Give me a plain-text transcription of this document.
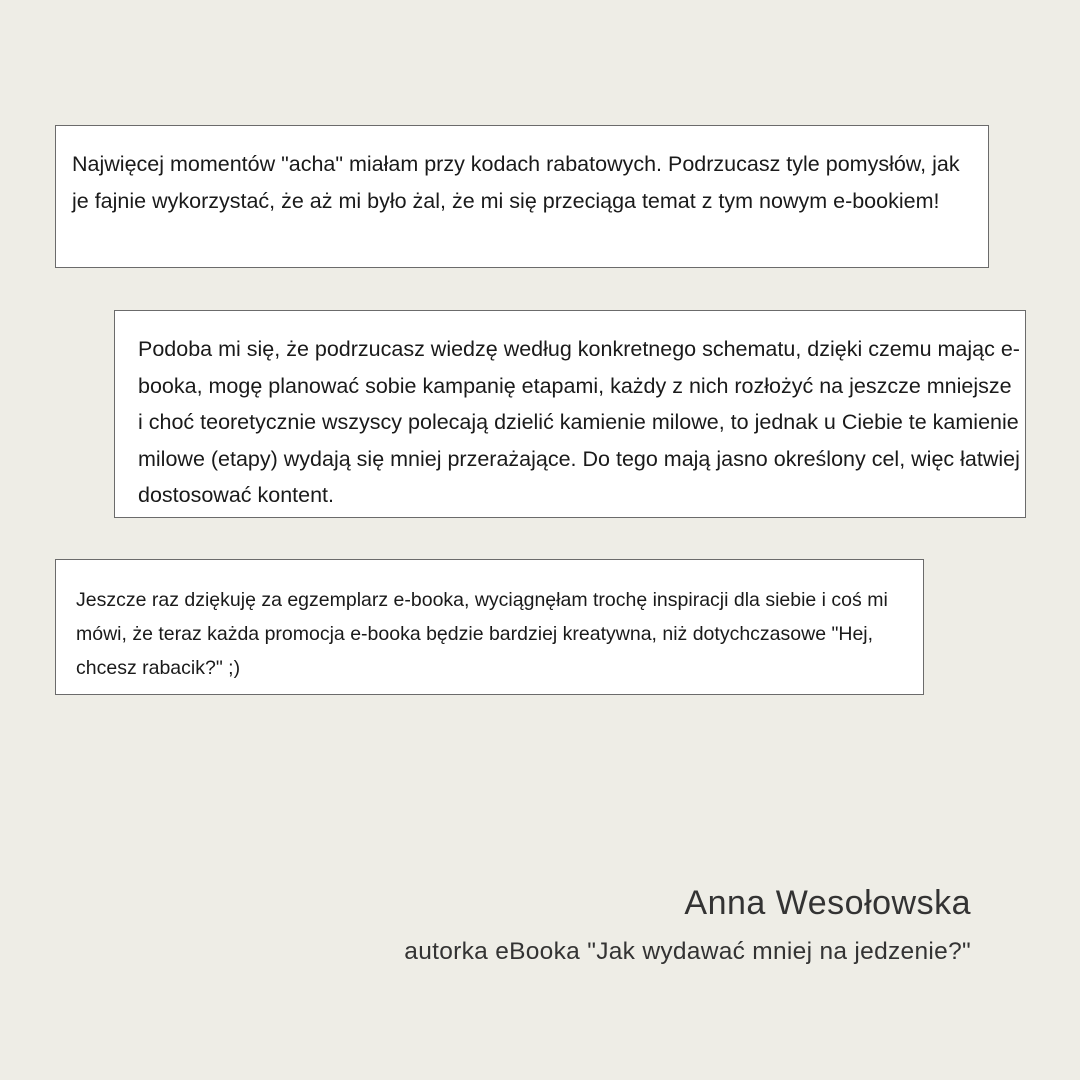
Najwięcej momentów "acha" miałam przy kodach rabatowych. Podrzucasz tyle pomysłów, jak je fajnie wykorzystać, że aż mi było żal, że mi się przeciąga temat z tym nowym e-bookiem!

Podoba mi się, że podrzucasz wiedzę według konkretnego schematu, dzięki czemu mając e-booka, mogę planować sobie kampanię etapami, każdy z nich rozłożyć na jeszcze mniejsze i choć teoretycznie wszyscy polecają dzielić kamienie milowe, to jednak u Ciebie te kamienie milowe (etapy) wydają się mniej przerażające. Do tego mają jasno określony cel, więc łatwiej dostosować kontent.

Jeszcze raz dziękuję za egzemplarz e-booka, wyciągnęłam trochę inspiracji dla siebie i coś mi mówi, że teraz każda promocja e-booka będzie bardziej kreatywna, niż dotychczasowe "Hej, chcesz rabacik?" ;)

Anna Wesołowska
autorka eBooka "Jak wydawać mniej na jedzenie?"
